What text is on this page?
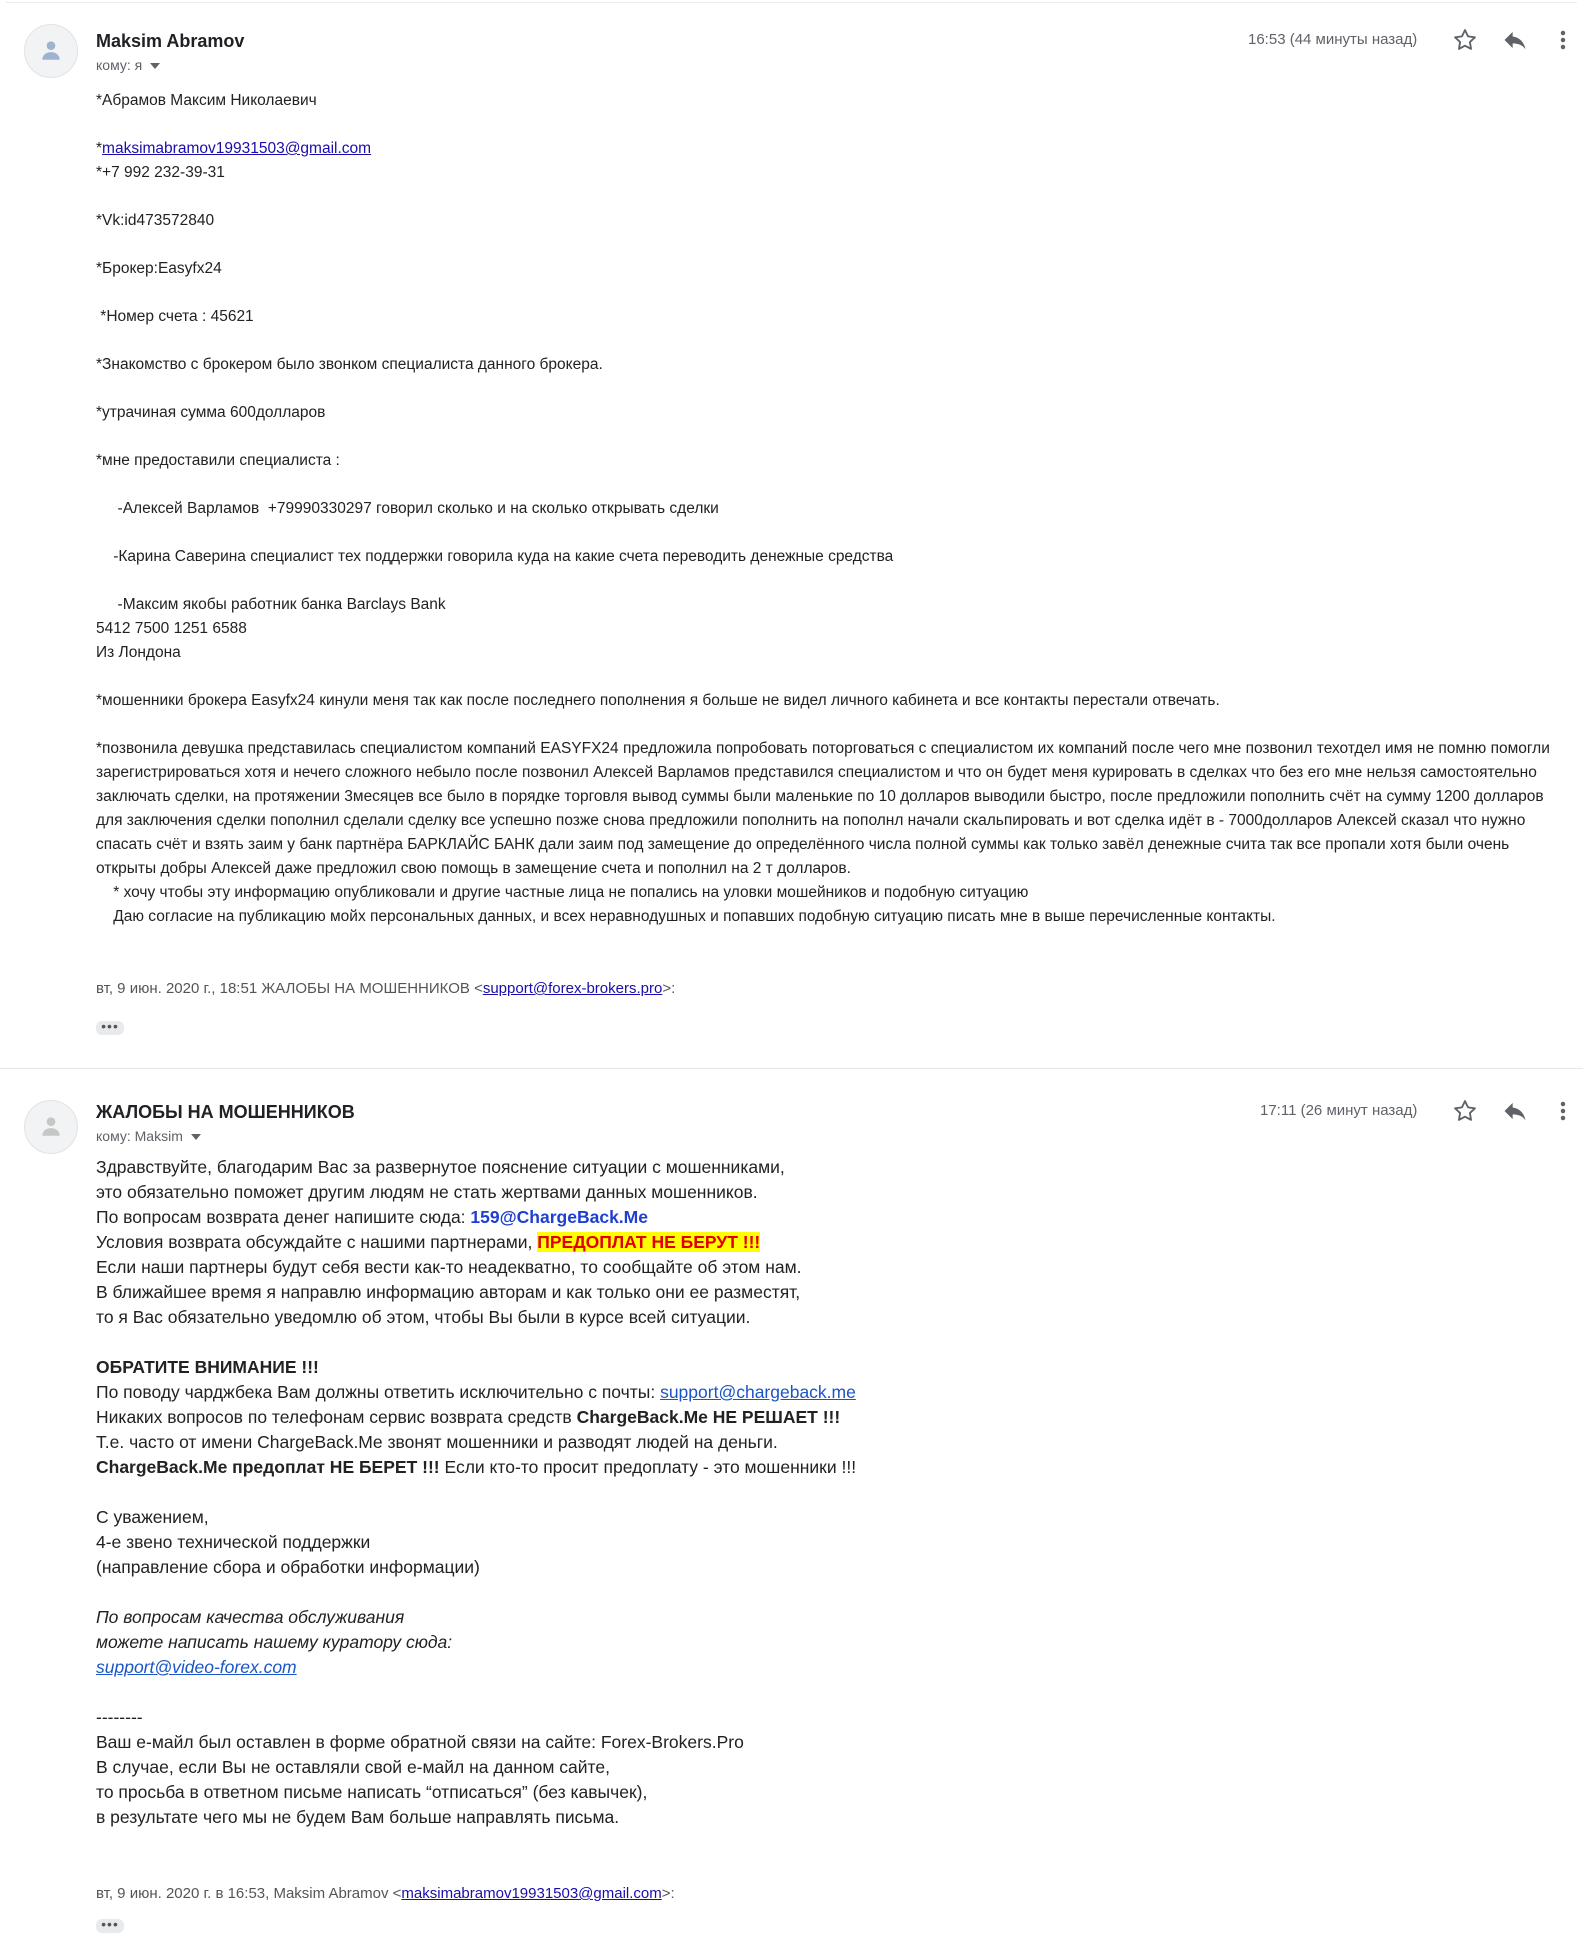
Maksim Abramov
кому: я
16:53 (44 минуты назад)
*Абрамов Максим Николаевич
*maksimabramov19931503@gmail.com
*+7 992 232-39-31
*Vk:id473572840
*Брокер:Easyfx24
*Номер счета : 45621
*Знакомство с брокером было звонком специалиста данного брокера.
*утрачиная сумма 600долларов
*мне предоставили специалиста :
-Алексей Варламов  +79990330297 говорил сколько и на сколько открывать сделки
-Карина Саверина специалист тех поддержки говорила куда на какие счета переводить денежные средства
-Максим якобы работник банка Barclays Bank
5412 7500 1251 6588
Из Лондона
*мошенники брокера Easyfx24 кинули меня так как после последнего пополнения я больше не видел личного кабинета и все контакты перестали отвечать.
*позвонила девушка представилась специалистом компаний EASYFX24 предложила попробовать поторговаться с специалистом их компаний после чего мне позвонил техотдел имя не помню помогли зарегистрироваться хотя и нечего сложного небыло после позвонил Алексей Варламов представился специалистом и что он будет меня курировать в сделках что без его мне нельзя самостоятельно заключать сделки, на протяжении 3месяцев все было в порядке торговля вывод суммы были маленькие по 10 долларов выводили быстро, после предложили пополнить счёт на сумму 1200 долларов для заключения сделки пополнил сделали сделку все успешно позже снова предложили пополнить на пополнл начали скальпировать и вот сделка идёт в - 7000долларов Алексей сказал что нужно спасать счёт и взять заим у банк партнёра БАРКЛАЙС БАНК дали заим под замещение до определённого числа полной суммы как только завёл денежные счита так все пропали хотя были очень открыты добры Алексей даже предложил свою помощь в замещение счета и пополнил на 2 т долларов.
* хочу чтобы эту информацию опубликовали и другие частные лица не попались на уловки мошейников и подобную ситуацию
Даю согласие на публикацию мойх персональных данных, и всех неравнодушных и попавших подобную ситуацию писать мне в выше перечисленные контакты.
вт, 9 июн. 2020 г., 18:51 ЖАЛОБЫ НА МОШЕННИКОВ <support@forex-brokers.pro>:
•••
ЖАЛОБЫ НА МОШЕННИКОВ
кому: Maksim
17:11 (26 минут назад)
Здравствуйте, благодарим Вас за развернутое пояснение ситуации с мошенниками,
это обязательно поможет другим людям не стать жертвами данных мошенников.
По вопросам возврата денег напишите сюда: 159@ChargeBack.Me
Условия возврата обсуждайте с нашими партнерами, ПРЕДОПЛАТ НЕ БЕРУТ !!!
Если наши партнеры будут себя вести как-то неадекватно, то сообщайте об этом нам.
В ближайшее время я направлю информацию авторам и как только они ее разместят,
то я Вас обязательно уведомлю об этом, чтобы Вы были в курсе всей ситуации.
ОБРАТИТЕ ВНИМАНИЕ !!!
По поводу чарджбека Вам должны ответить исключительно с почты: support@chargeback.me
Никаких вопросов по телефонам сервис возврата средств ChargeBack.Me НЕ РЕШАЕТ !!!
Т.е. часто от имени ChargeBack.Me звонят мошенники и разводят людей на деньги.
ChargeBack.Me предоплат НЕ БЕРЕТ !!! Если кто-то просит предоплату - это мошенники !!!
С уважением,
4-е звено технической поддержки
(направление сбора и обработки информации)
По вопросам качества обслуживания
можете написать нашему куратору сюда:
support@video-forex.com
--------
Ваш е-майл был оставлен в форме обратной связи на сайте: Forex-Brokers.Pro
В случае, если Вы не оставляли свой е-майл на данном сайте,
то просьба в ответном письме написать “отписаться” (без кавычек),
в результате чего мы не будем Вам больше направлять письма.
вт, 9 июн. 2020 г. в 16:53, Maksim Abramov <maksimabramov19931503@gmail.com>:
•••
